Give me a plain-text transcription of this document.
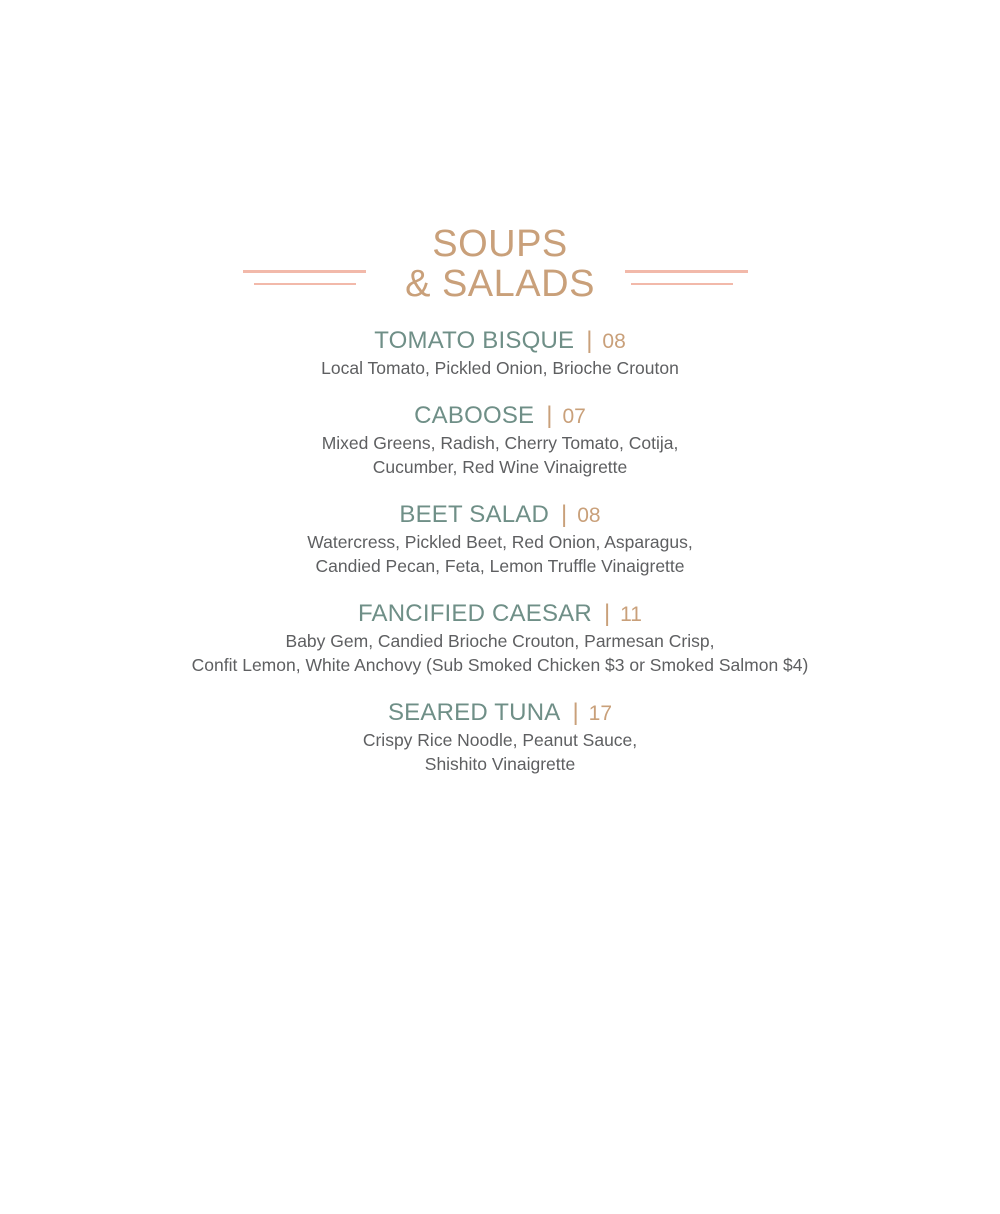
SOUPS
& SALADS
TOMATO BISQUE | 08
Local Tomato, Pickled Onion, Brioche Crouton
CABOOSE | 07
Mixed Greens, Radish, Cherry Tomato, Cotija,
Cucumber, Red Wine Vinaigrette
BEET SALAD | 08
Watercress, Pickled Beet, Red Onion, Asparagus,
Candied Pecan, Feta, Lemon Truffle Vinaigrette
FANCIFIED CAESAR | 11
Baby Gem, Candied Brioche Crouton, Parmesan Crisp,
Confit Lemon, White Anchovy (Sub Smoked Chicken $3 or Smoked Salmon $4)
SEARED TUNA | 17
Crispy Rice Noodle, Peanut Sauce,
Shishito Vinaigrette
